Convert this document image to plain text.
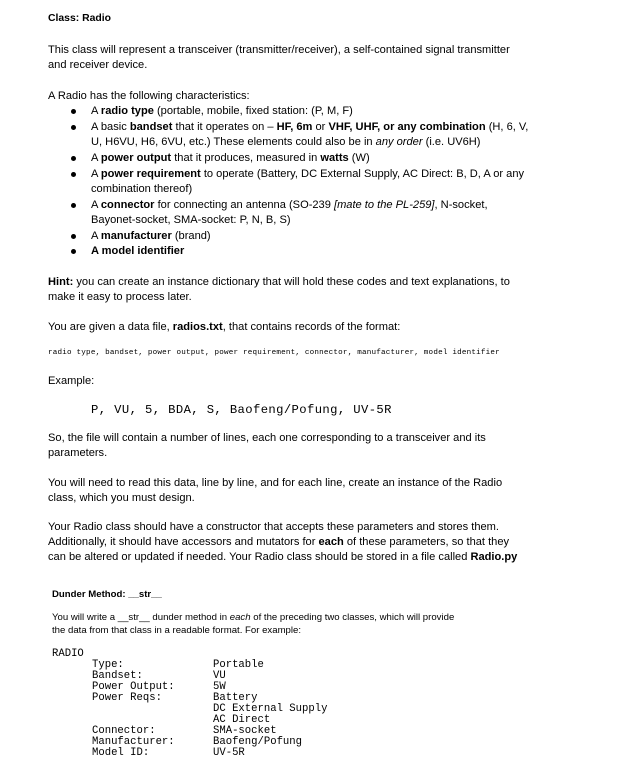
Class: Radio
This class will represent a transceiver (transmitter/receiver), a self-contained signal transmitter
and receiver device.
A Radio has the following characteristics:
A radio type (portable, mobile, fixed station: (P, M, F)
A basic bandset that it operates on – HF, 6m or VHF, UHF, or any combination (H, 6, V,
U, H6VU, H6, 6VU, etc.) These elements could also be in any order (i.e. UV6H)
A power output that it produces, measured in watts (W)
A power requirement to operate (Battery, DC External Supply, AC Direct: B, D, A or any
combination thereof)
A connector for connecting an antenna (SO-239 [mate to the PL-259], N-socket,
Bayonet-socket, SMA-socket: P, N, B, S)
A manufacturer (brand)
A model identifier
Hint: you can create an instance dictionary that will hold these codes and text explanations, to
make it easy to process later.
You are given a data file, radios.txt, that contains records of the format:
radio type, bandset, power output, power requirement, connector, manufacturer, model identifier
Example:
P, VU, 5, BDA, S, Baofeng/Pofung, UV-5R
So, the file will contain a number of lines, each one corresponding to a transceiver and its
parameters.
You will need to read this data, line by line, and for each line, create an instance of the Radio
class, which you must design.
Your Radio class should have a constructor that accepts these parameters and stores them.
Additionally, it should have accessors and mutators for each of these parameters, so that they
can be altered or updated if needed. Your Radio class should be stored in a file called Radio.py
Dunder Method: __str__
You will write a __str__ dunder method in each of the preceding two classes, which will provide
the data from that class in a readable format. For example:
RADIO
Type:	Portable
Bandset:	VU
Power Output:	5W
Power Reqs:	Battery
DC External Supply
AC Direct
Connector:	SMA-socket
Manufacturer:	Baofeng/Pofung
Model ID:	UV-5R
